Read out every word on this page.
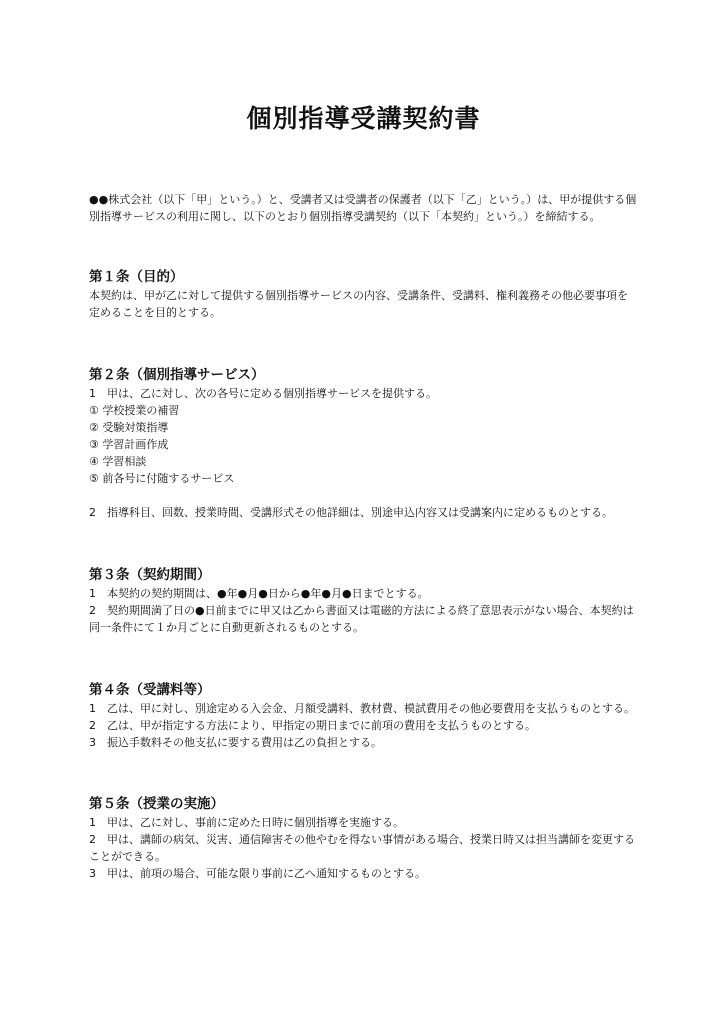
個別指導受講契約書

●●株式会社（以下「甲」という。）と、受講者又は受講者の保護者（以下「乙」という。）は、甲が提供する個別指導サービスの利用に関し、以下のとおり個別指導受講契約（以下「本契約」という。）を締結する。

第１条（目的）

本契約は、甲が乙に対して提供する個別指導サービスの内容、受講条件、受講料、権利義務その他必要事項を定めることを目的とする。

第２条（個別指導サービス）

1　甲は、乙に対し、次の各号に定める個別指導サービスを提供する。

① 学校授業の補習

② 受験対策指導

③ 学習計画作成

④ 学習相談

⑤ 前各号に付随するサービス

2　指導科目、回数、授業時間、受講形式その他詳細は、別途申込内容又は受講案内に定めるものとする。

第３条（契約期間）

1　本契約の契約期間は、●年●月●日から●年●月●日までとする。

2　契約期間満了日の●日前までに甲又は乙から書面又は電磁的方法による終了意思表示がない場合、本契約は同一条件にて１か月ごとに自動更新されるものとする。

第４条（受講料等）

1　乙は、甲に対し、別途定める入会金、月額受講料、教材費、模試費用その他必要費用を支払うものとする。

2　乙は、甲が指定する方法により、甲指定の期日までに前項の費用を支払うものとする。

3　振込手数料その他支払に要する費用は乙の負担とする。

第５条（授業の実施）

1　甲は、乙に対し、事前に定めた日時に個別指導を実施する。

2　甲は、講師の病気、災害、通信障害その他やむを得ない事情がある場合、授業日時又は担当講師を変更することができる。

3　甲は、前項の場合、可能な限り事前に乙へ通知するものとする。
